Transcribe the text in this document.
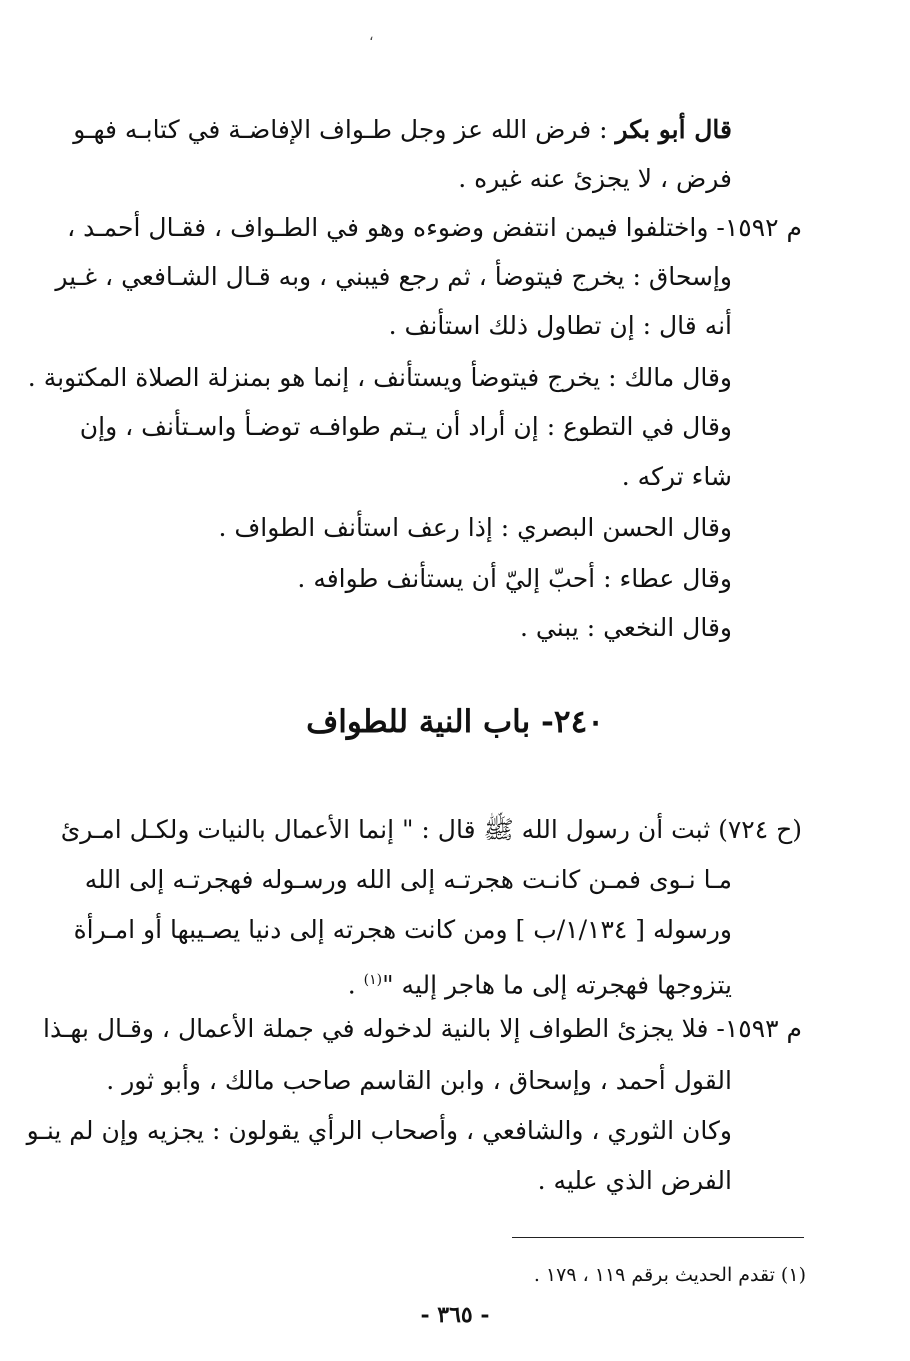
،
قال أبو بكر : فرض الله عز وجل طـواف الإفاضـة في كتابـه فهـو
فرض ، لا يجزئ عنه غيره .
م ١٥٩٢- واختلفوا فيمن انتفض وضوءه وهو في الطـواف ، فقـال أحمـد ،
وإسحاق : يخرج فيتوضأ ، ثم رجع فيبني ، وبه قـال الشـافعي ، غـير
أنه قال : إن تطاول ذلك استأنف .
وقال مالك : يخرج فيتوضأ ويستأنف ، إنما هو بمنزلة الصلاة المكتوبة .
وقال في التطوع : إن أراد أن يـتم طوافـه توضـأ واسـتأنف ، وإن
شاء تركه .
وقال الحسن البصري : إذا رعف استأنف الطواف .
وقال عطاء : أحبّ إليّ أن يستأنف طوافه .
وقال النخعي : يبني .
٢٤٠- باب النية للطواف
(ح ٧٢٤) ثبت أن رسول الله ﷺ قال : " إنما الأعمال بالنيات ولكـل امـرئ
مـا نـوى فمـن كانـت هجرتـه إلى الله ورسـوله فهجرتـه إلى الله
ورسوله [ ١/١٣٤/ب ] ومن كانت هجرته إلى دنيا يصـيبها أو امـرأة
يتزوجها فهجرته إلى ما هاجر إليه "$^{(١)}$ .
م ١٥٩٣- فلا يجزئ الطواف إلا بالنية لدخوله في جملة الأعمال ، وقـال بهـذا
القول أحمد ، وإسحاق ، وابن القاسم صاحب مالك ، وأبو ثور .
وكان الثوري ، والشافعي ، وأصحاب الرأي يقولون : يجزيه وإن لم ينـو
الفرض الذي عليه .
(١) تقدم الحديث برقم ١١٩ ، ١٧٩ .
- ٣٦٥ -
